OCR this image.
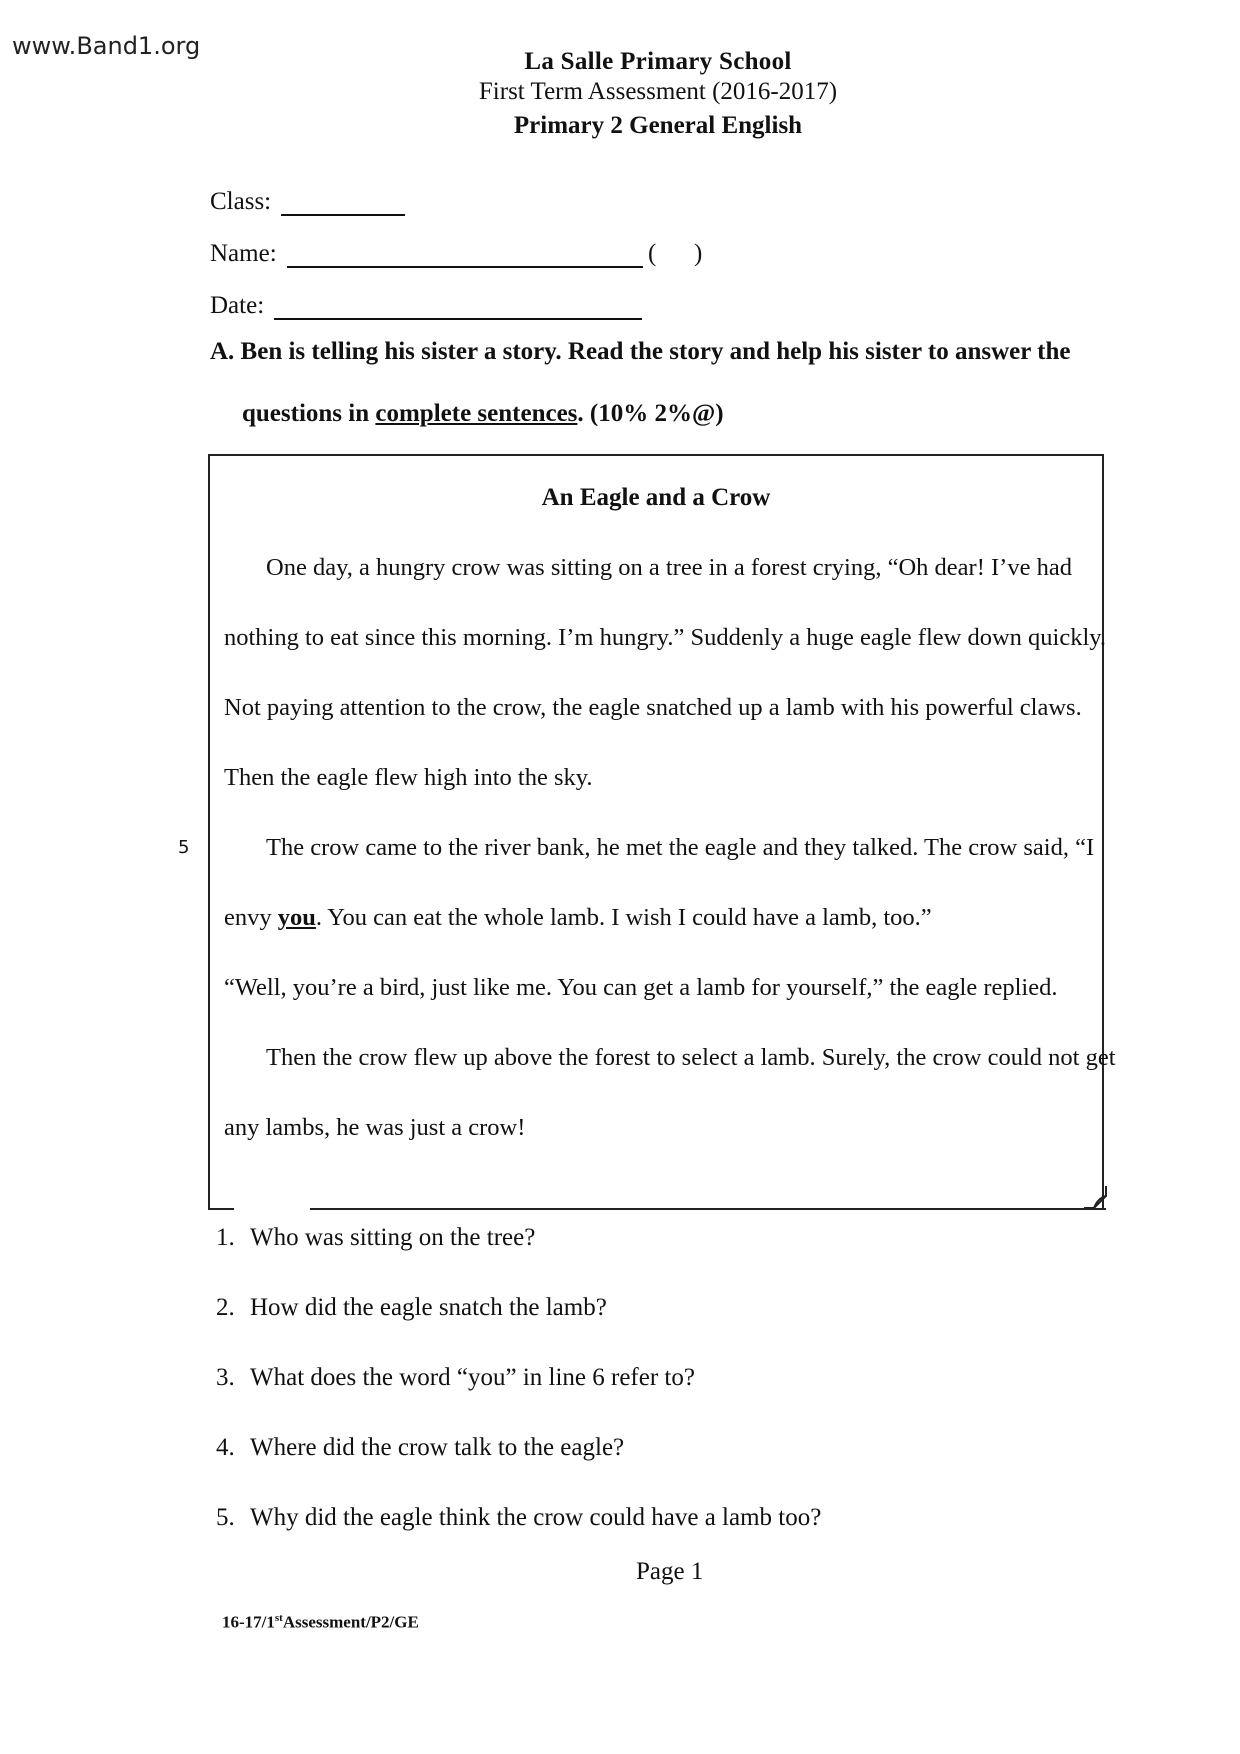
www.Band1.org
La Salle Primary School
First Term Assessment (2016-2017)
Primary 2 General English
Class:
Name:	( )
Date:
A. Ben is telling his sister a story. Read the story and help his sister to answer the
questions in complete sentences. (10% 2%@)
An Eagle and a Crow
One day, a hungry crow was sitting on a tree in a forest crying, “Oh dear! I’ve had
nothing to eat since this morning. I’m hungry.” Suddenly a huge eagle flew down quickly.
Not paying attention to the crow, the eagle snatched up a lamb with his powerful claws.
Then the eagle flew high into the sky.
5	The crow came to the river bank, he met the eagle and they talked. The crow said, “I
envy you. You can eat the whole lamb. I wish I could have a lamb, too.”
“Well, you’re a bird, just like me. You can get a lamb for yourself,” the eagle replied.
Then the crow flew up above the forest to select a lamb. Surely, the crow could not get
any lambs, he was just a crow!
1. Who was sitting on the tree?
2. How did the eagle snatch the lamb?
3. What does the word “you” in line 6 refer to?
4. Where did the crow talk to the eagle?
5. Why did the eagle think the crow could have a lamb too?
Page 1
16-17/1stAssessment/P2/GE
